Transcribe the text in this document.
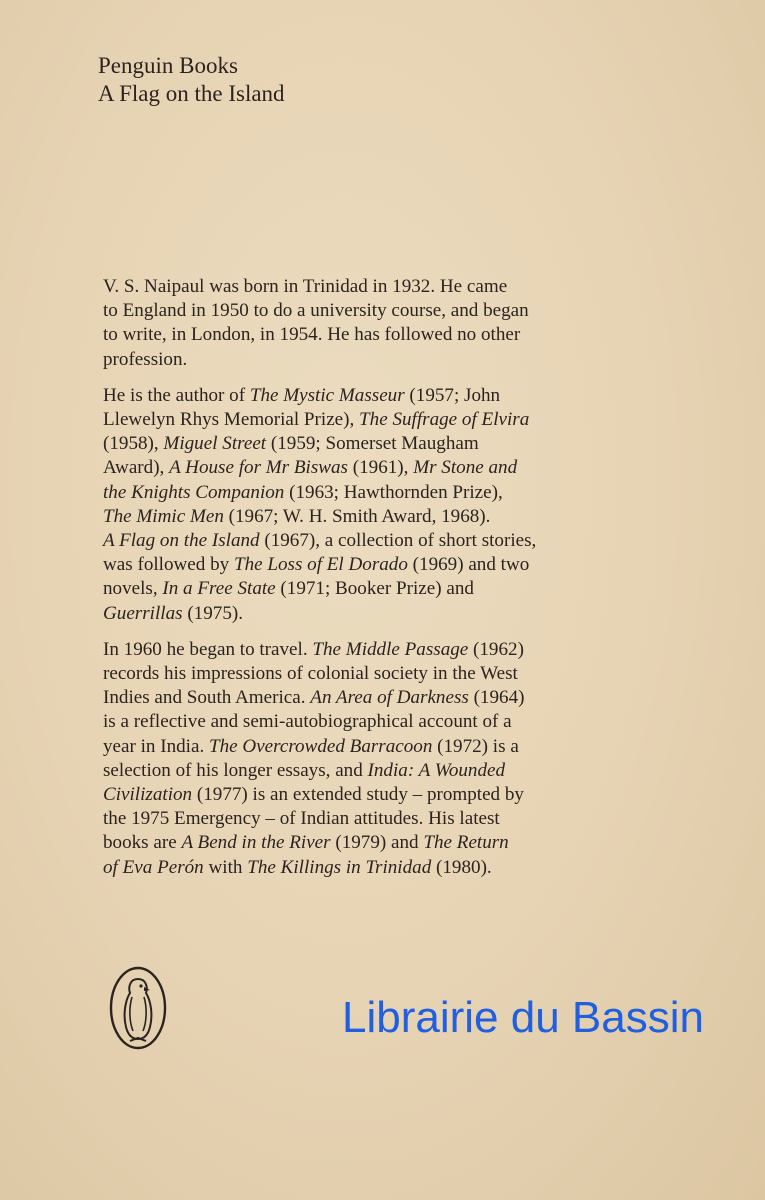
Penguin Books
A Flag on the Island
V. S. Naipaul was born in Trinidad in 1932. He came
to England in 1950 to do a university course, and began
to write, in London, in 1954. He has followed no other
profession.
He is the author of The Mystic Masseur (1957; John
Llewelyn Rhys Memorial Prize), The Suffrage of Elvira
(1958), Miguel Street (1959; Somerset Maugham
Award), A House for Mr Biswas (1961), Mr Stone and
the Knights Companion (1963; Hawthornden Prize),
The Mimic Men (1967; W. H. Smith Award, 1968).
A Flag on the Island (1967), a collection of short stories,
was followed by The Loss of El Dorado (1969) and two
novels, In a Free State (1971; Booker Prize) and
Guerrillas (1975).
In 1960 he began to travel. The Middle Passage (1962)
records his impressions of colonial society in the West
Indies and South America. An Area of Darkness (1964)
is a reflective and semi-autobiographical account of a
year in India. The Overcrowded Barracoon (1972) is a
selection of his longer essays, and India: A Wounded
Civilization (1977) is an extended study – prompted by
the 1975 Emergency – of Indian attitudes. His latest
books are A Bend in the River (1979) and The Return
of Eva Perón with The Killings in Trinidad (1980).
Librairie du Bassin
